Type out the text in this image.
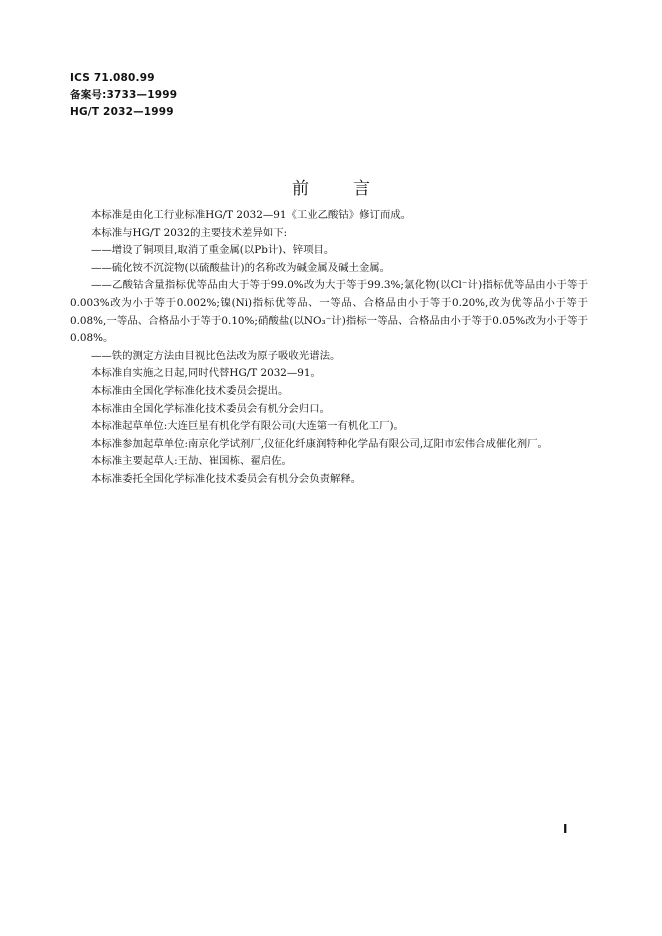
ICS 71.080.99
备案号:3733—1999
HG/T 2032—1999
前言

本标准是由化工行业标准HG/T 2032—91《工业乙酸钴》修订而成。

本标准与HG/T 2032的主要技术差异如下:

——增设了铜项目,取消了重金属(以Pb计)、锌项目。

——硫化铵不沉淀物(以硫酸盐计)的名称改为碱金属及碱土金属。

——乙酸钴含量指标优等品由大于等于99.0%改为大于等于99.3%;氯化物(以Cl⁻计)指标优等品由小于等于0.003%改为小于等于0.002%;镍(Ni)指标优等品、一等品、合格品由小于等于0.20%,改为优等品小于等于0.08%,一等品、合格品小于等于0.10%;硝酸盐(以NO₃⁻计)指标一等品、合格品由小于等于0.05%改为小于等于0.08%。

——铁的测定方法由目视比色法改为原子吸收光谱法。

本标准自实施之日起,同时代替HG/T 2032—91。

本标准由全国化学标准化技术委员会提出。

本标准由全国化学标准化技术委员会有机分会归口。

本标准起草单位:大连巨星有机化学有限公司(大连第一有机化工厂)。

本标准参加起草单位:南京化学试剂厂,仪征化纤康润特种化学品有限公司,辽阳市宏伟合成催化剂厂。

本标准主要起草人:王劼、崔国栋、翟启佐。

本标准委托全国化学标准化技术委员会有机分会负责解释。

I
